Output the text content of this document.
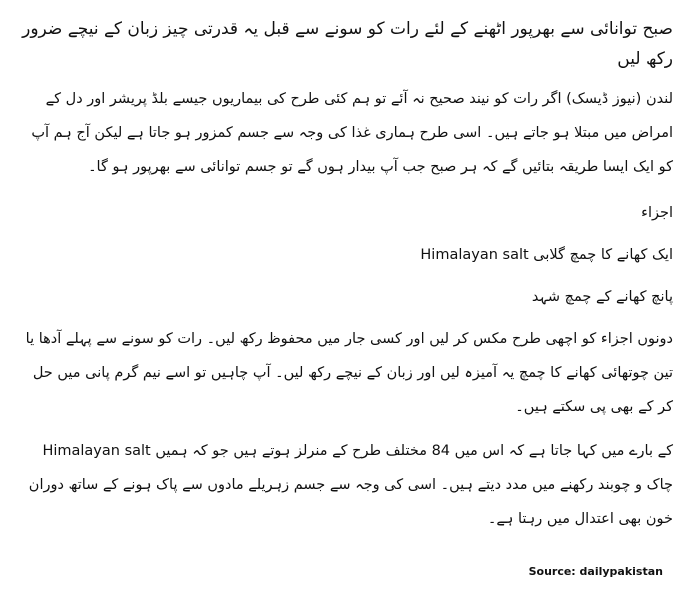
صبح توانائی سے بھرپور اٹھنے کے لئے رات کو سونے سے قبل یہ قدرتی چیز زبان کے نیچے ضرور رکھ لیں

لندن (نیوز ڈیسک) اگر رات کو نیند صحیح نہ آئے تو ہم کئی طرح کی بیماریوں جیسے بلڈ پریشر اور دل کے امراض میں مبتلا ہو جاتے ہیں۔ اسی طرح ہماری غذا کی وجہ سے جسم کمزور ہو جاتا ہے لیکن آج ہم آپ کو ایک ایسا طریقہ بتائیں گے کہ ہر صبح جب آپ بیدار ہوں گے تو جسم توانائی سے بھرپور ہو گا۔

اجزاء
ایک کھانے کا چمچ گلابی Himalayan salt
پانچ کھانے کے چمچ شہد

دونوں اجزاء کو اچھی طرح مکس کر لیں اور کسی جار میں محفوظ رکھ لیں۔ رات کو سونے سے پہلے آدھا یا تین چوتھائی کھانے کا چمچ یہ آمیزہ لیں اور زبان کے نیچے رکھ لیں۔ آپ چاہیں تو اسے نیم گرم پانی میں حل کر کے بھی پی سکتے ہیں۔

Himalayan salt کے بارے میں کہا جاتا ہے کہ اس میں 84 مختلف طرح کے منرلز ہوتے ہیں جو کہ ہمیں چاک و چوبند رکھنے میں مدد دیتے ہیں۔ اسی کی وجہ سے جسم زہریلے مادوں سے پاک ہونے کے ساتھ دوران خون بھی اعتدال میں رہتا ہے۔

Source: dailypakistan
